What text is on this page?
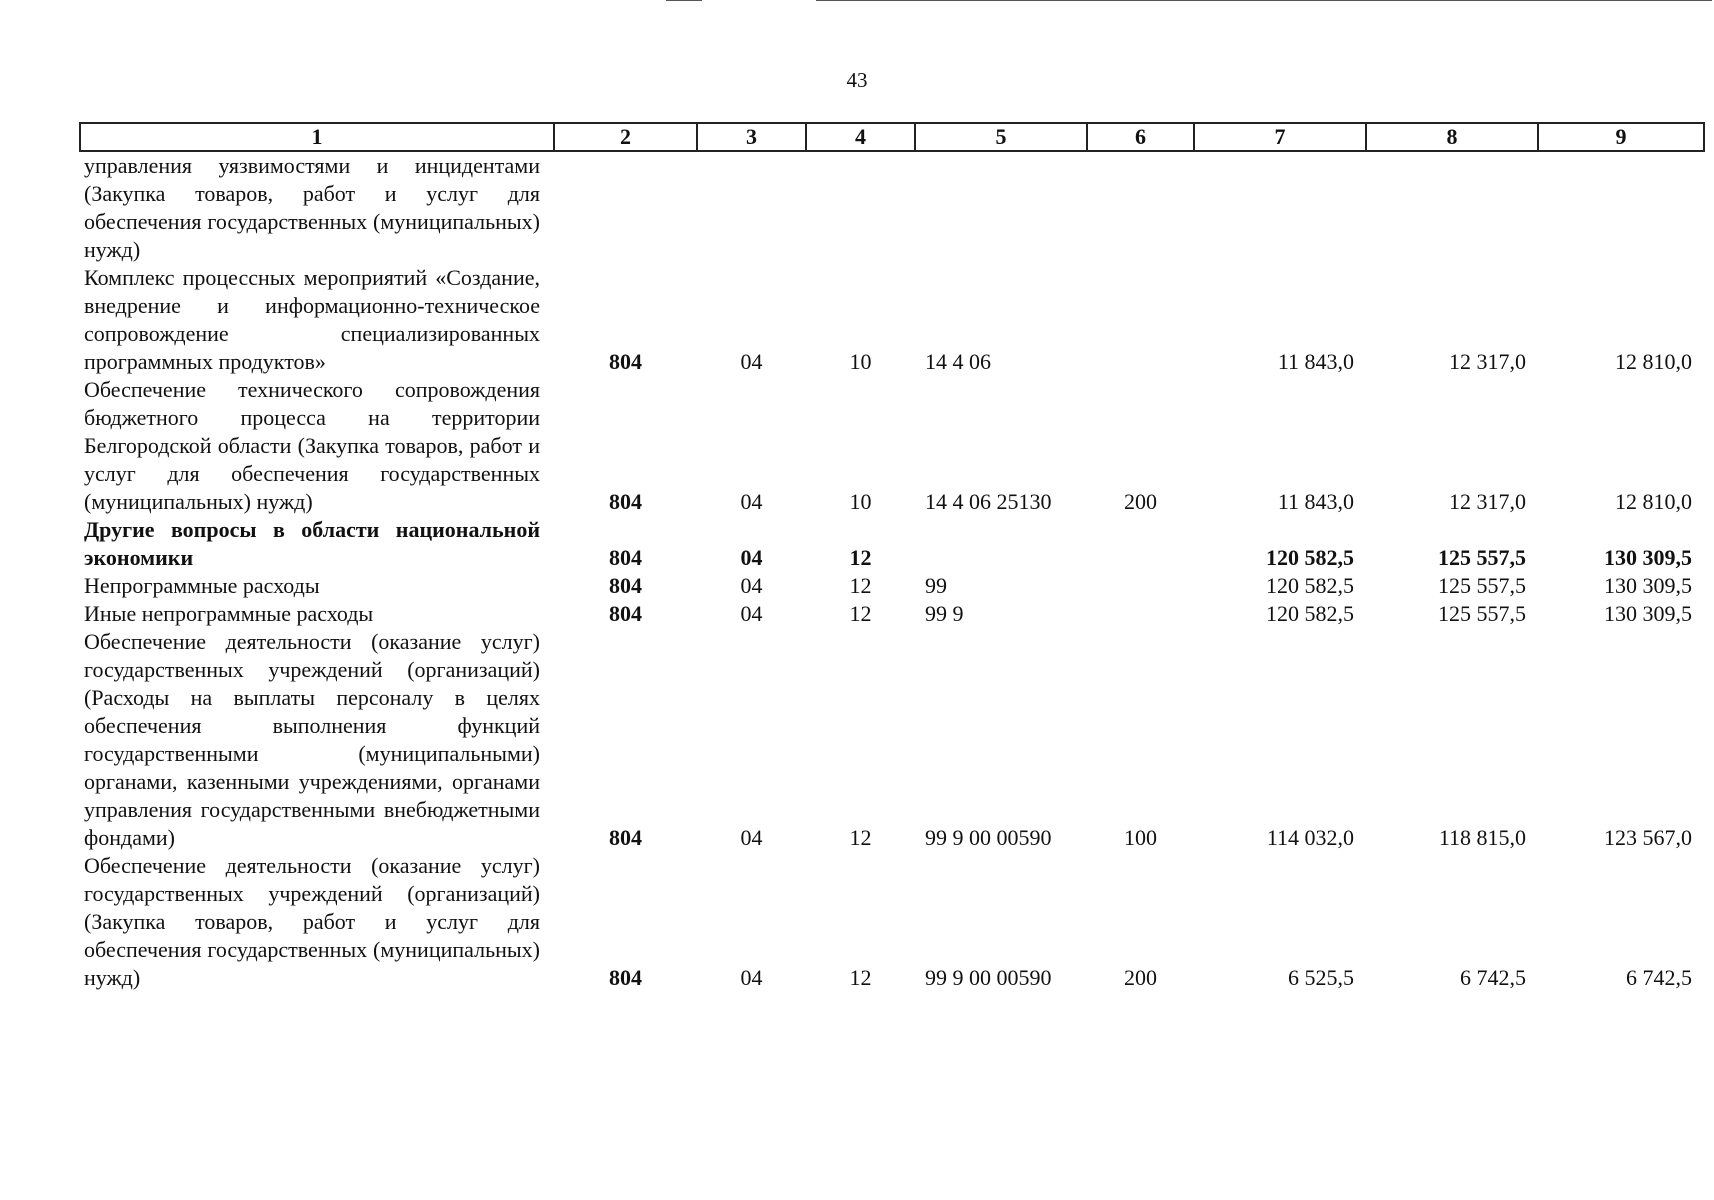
43
1	2	3	4	5	6	7	8	9
управления уязвимостями и инцидентами (Закупка товаров, работ и услуг для обеспечения государственных (муниципальных) нужд)								
Комплекс процессных мероприятий «Создание, внедрение и информационно-техническое сопровождение специализированных программных продуктов»	804	04	10	14 4 06		11 843,0	12 317,0	12 810,0
Обеспечение технического сопровождения бюджетного процесса на территории Белгородской области (Закупка товаров, работ и услуг для обеспечения государственных (муниципальных) нужд)	804	04	10	14 4 06 25130	200	11 843,0	12 317,0	12 810,0
Другие вопросы в области национальной экономики	804	04	12			120 582,5	125 557,5	130 309,5
Непрограммные расходы	804	04	12	99		120 582,5	125 557,5	130 309,5
Иные непрограммные расходы	804	04	12	99 9		120 582,5	125 557,5	130 309,5
Обеспечение деятельности (оказание услуг) государственных учреждений (организаций) (Расходы на выплаты персоналу в целях обеспечения выполнения функций государственными (муниципальными) органами, казенными учреждениями, органами управления государственными внебюджетными фондами)	804	04	12	99 9 00 00590	100	114 032,0	118 815,0	123 567,0
Обеспечение деятельности (оказание услуг) государственных учреждений (организаций) (Закупка товаров, работ и услуг для обеспечения государственных (муниципальных) нужд)	804	04	12	99 9 00 00590	200	6 525,5	6 742,5	6 742,5
